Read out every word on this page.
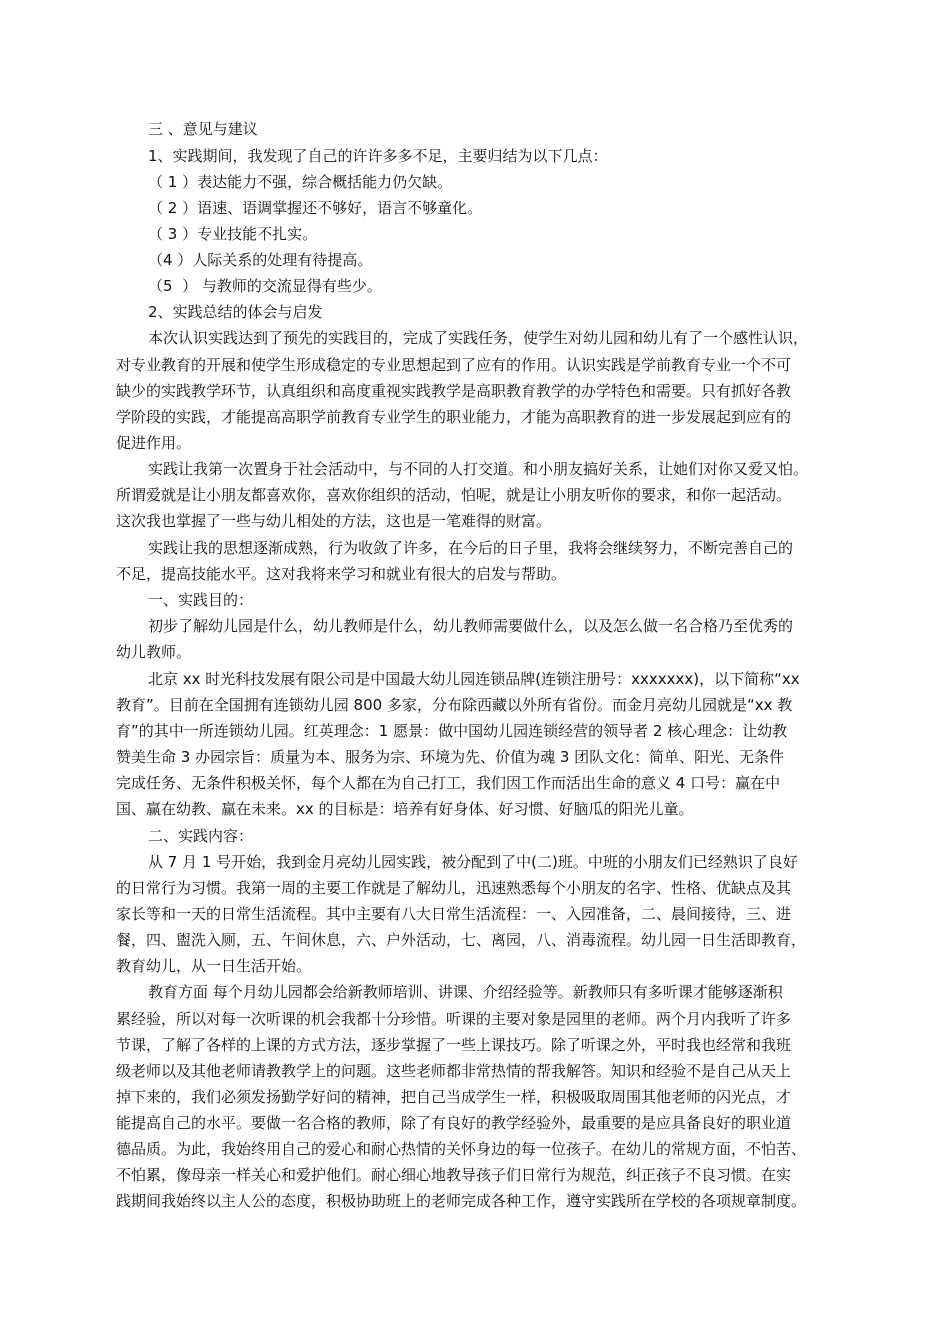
三 、意见与建议
1、实践期间，我发现了自己的许许多多不足，主要归结为以下几点：
（ 1 ）表达能力不强，综合概括能力仍欠缺。
（ 2 ）语速、语调掌握还不够好，语言不够童化。
（ 3 ）专业技能不扎实。
（4 ）人际关系的处理有待提高。
（5  ） 与教师的交流显得有些少。
2、实践总结的体会与启发
本次认识实践达到了预先的实践目的，完成了实践任务，使学生对幼儿园和幼儿有了一个感性认识，
对专业教育的开展和使学生形成稳定的专业思想起到了应有的作用。认识实践是学前教育专业一个不可
缺少的实践教学环节，认真组织和高度重视实践教学是高职教育教学的办学特色和需要。只有抓好各教
学阶段的实践，才能提高高职学前教育专业学生的职业能力，才能为高职教育的进一步发展起到应有的
促进作用。
实践让我第一次置身于社会活动中，与不同的人打交道。和小朋友搞好关系，让她们对你又爱又怕。
所谓爱就是让小朋友都喜欢你，喜欢你组织的活动，怕呢，就是让小朋友听你的要求，和你一起活动。
这次我也掌握了一些与幼儿相处的方法，这也是一笔难得的财富。
实践让我的思想逐渐成熟，行为收敛了许多，在今后的日子里，我将会继续努力，不断完善自己的
不足，提高技能水平。这对我将来学习和就业有很大的启发与帮助。
一、实践目的：
初步了解幼儿园是什么，幼儿教师是什么，幼儿教师需要做什么，以及怎么做一名合格乃至优秀的
幼儿教师。
北京 xx 时光科技发展有限公司是中国最大幼儿园连锁品牌(连锁注册号：xxxxxxx)，以下简称“xx
教育”。目前在全国拥有连锁幼儿园 800 多家，分布除西藏以外所有省份。而金月亮幼儿园就是“xx 教
育”的其中一所连锁幼儿园。红英理念：1 愿景：做中国幼儿园连锁经营的领导者 2 核心理念：让幼教
赞美生命 3 办园宗旨：质量为本、服务为宗、环境为先、价值为魂 3 团队文化：简单、阳光、无条件
完成任务、无条件积极关怀，每个人都在为自己打工，我们因工作而活出生命的意义 4 口号：赢在中
国、赢在幼教、赢在未来。xx 的目标是：培养有好身体、好习惯、好脑瓜的阳光儿童。
二、实践内容：
从 7 月 1 号开始，我到金月亮幼儿园实践，被分配到了中(二)班。中班的小朋友们已经熟识了良好
的日常行为习惯。我第一周的主要工作就是了解幼儿，迅速熟悉每个小朋友的名字、性格、优缺点及其
家长等和一天的日常生活流程。其中主要有八大日常生活流程：一、入园准备，二、晨间接待，三、进
餐，四、盥洗入厕，五、午间休息，六、户外活动，七、离园，八、消毒流程。幼儿园一日生活即教育，
教育幼儿，从一日生活开始。
教育方面 每个月幼儿园都会给新教师培训、讲课、介绍经验等。新教师只有多听课才能够逐渐积
累经验，所以对每一次听课的机会我都十分珍惜。听课的主要对象是园里的老师。两个月内我听了许多
节课，了解了各样的上课的方式方法，逐步掌握了一些上课技巧。除了听课之外，平时我也经常和我班
级老师以及其他老师请教教学上的问题。这些老师都非常热情的帮我解答。知识和经验不是自己从天上
掉下来的，我们必须发扬勤学好问的精神，把自己当成学生一样，积极吸取周围其他老师的闪光点，才
能提高自己的水平。要做一名合格的教师，除了有良好的教学经验外，最重要的是应具备良好的职业道
德品质。为此，我始终用自己的爱心和耐心热情的关怀身边的每一位孩子。在幼儿的常规方面，不怕苦、
不怕累，像母亲一样关心和爱护他们。耐心细心地教导孩子们日常行为规范，纠正孩子不良习惯。在实
践期间我始终以主人公的态度，积极协助班上的老师完成各种工作，遵守实践所在学校的各项规章制度。
